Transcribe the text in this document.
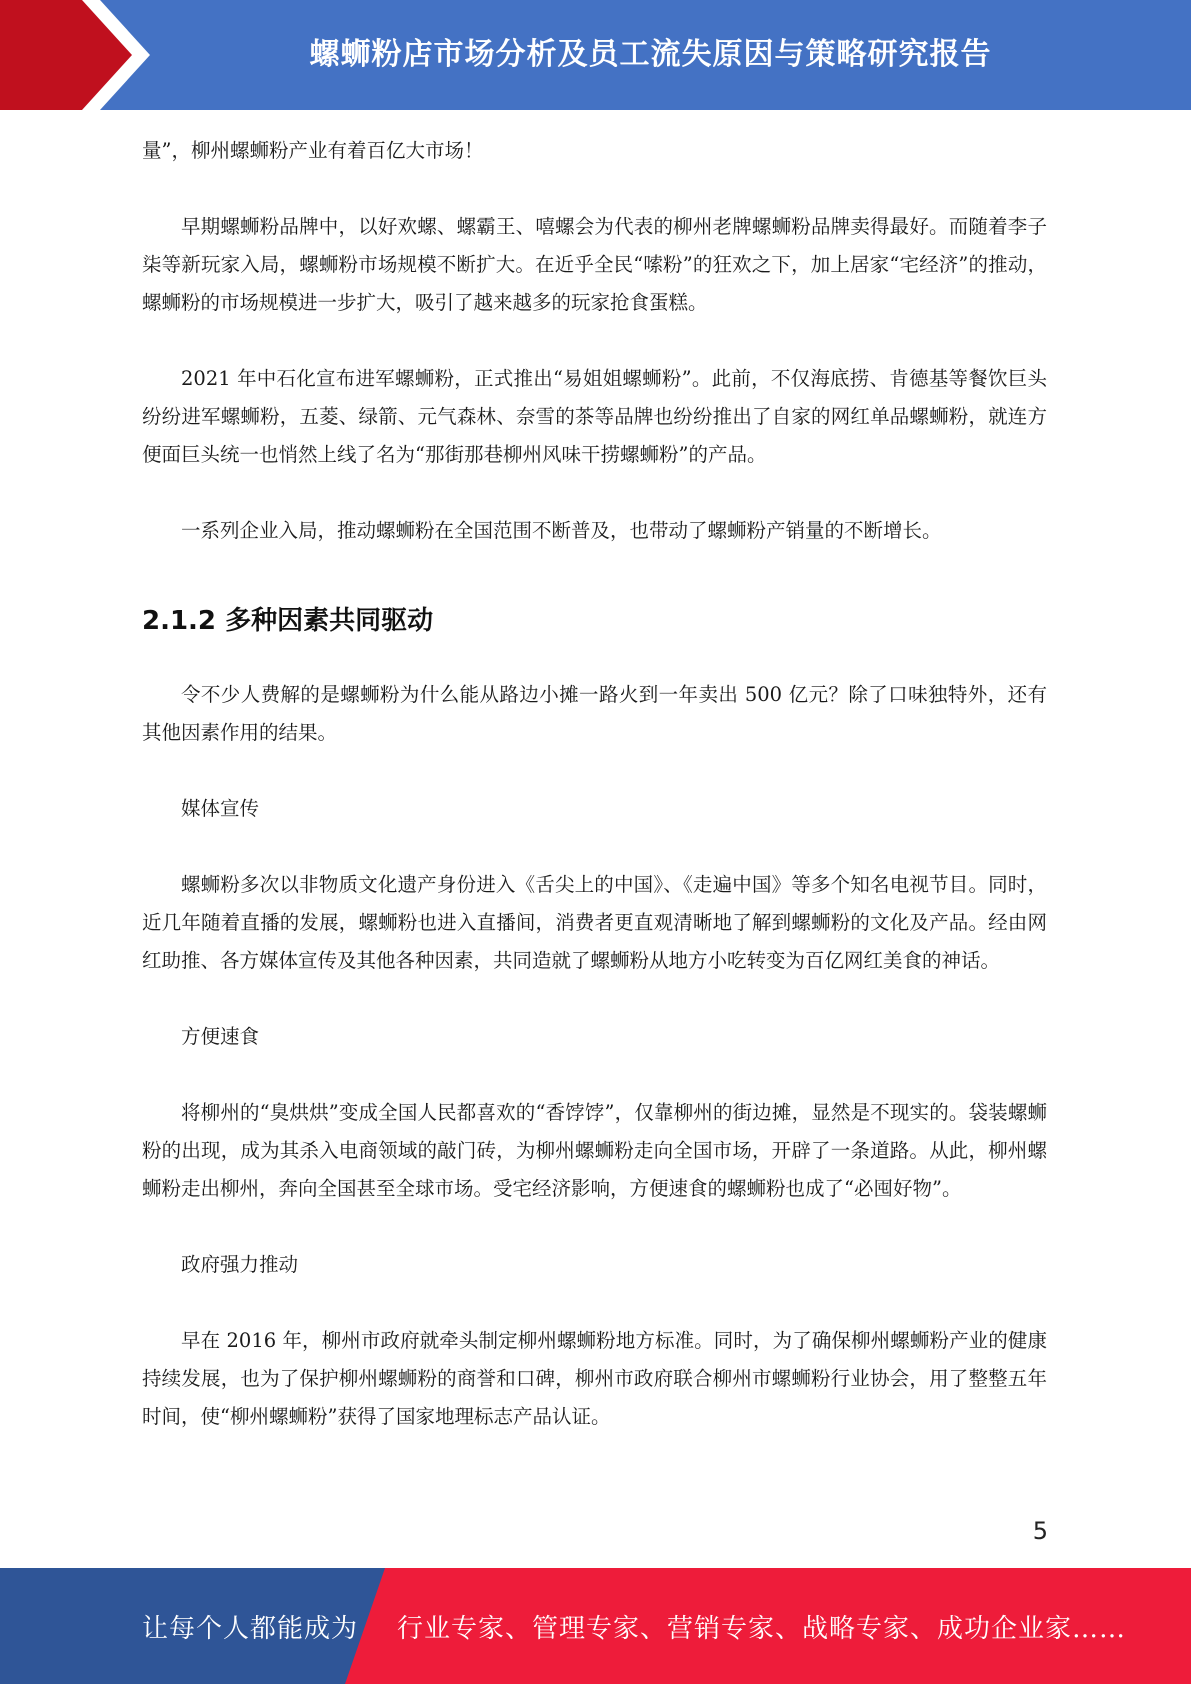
螺蛳粉店市场分析及员工流失原因与策略研究报告

量”，柳州螺蛳粉产业有着百亿大市场！

早期螺蛳粉品牌中，以好欢螺、螺霸王、嘻螺会为代表的柳州老牌螺蛳粉品牌卖得最好。而随着李子柒等新玩家入局，螺蛳粉市场规模不断扩大。在近乎全民“嗦粉”的狂欢之下，加上居家“宅经济”的推动，螺蛳粉的市场规模进一步扩大，吸引了越来越多的玩家抢食蛋糕。

2021 年中石化宣布进军螺蛳粉，正式推出“易姐姐螺蛳粉”。此前，不仅海底捞、肯德基等餐饮巨头纷纷进军螺蛳粉，五菱、绿箭、元气森林、奈雪的茶等品牌也纷纷推出了自家的网红单品螺蛳粉，就连方便面巨头统一也悄然上线了名为“那街那巷柳州风味干捞螺蛳粉”的产品。

一系列企业入局，推动螺蛳粉在全国范围不断普及，也带动了螺蛳粉产销量的不断增长。

2.1.2 多种因素共同驱动

令不少人费解的是螺蛳粉为什么能从路边小摊一路火到一年卖出 500 亿元？除了口味独特外，还有其他因素作用的结果。

媒体宣传

螺蛳粉多次以非物质文化遗产身份进入《舌尖上的中国》、《走遍中国》等多个知名电视节目。同时，近几年随着直播的发展，螺蛳粉也进入直播间，消费者更直观清晰地了解到螺蛳粉的文化及产品。经由网红助推、各方媒体宣传及其他各种因素，共同造就了螺蛳粉从地方小吃转变为百亿网红美食的神话。

方便速食

将柳州的“臭烘烘”变成全国人民都喜欢的“香饽饽”，仅靠柳州的街边摊，显然是不现实的。袋装螺蛳粉的出现，成为其杀入电商领域的敲门砖，为柳州螺蛳粉走向全国市场，开辟了一条道路。从此，柳州螺蛳粉走出柳州，奔向全国甚至全球市场。受宅经济影响，方便速食的螺蛳粉也成了“必囤好物”。

政府强力推动

早在 2016 年，柳州市政府就牵头制定柳州螺蛳粉地方标准。同时，为了确保柳州螺蛳粉产业的健康持续发展，也为了保护柳州螺蛳粉的商誉和口碑，柳州市政府联合柳州市螺蛳粉行业协会，用了整整五年时间，使“柳州螺蛳粉”获得了国家地理标志产品认证。

5
让每个人都能成为 行业专家、管理专家、营销专家、战略专家、成功企业家……
